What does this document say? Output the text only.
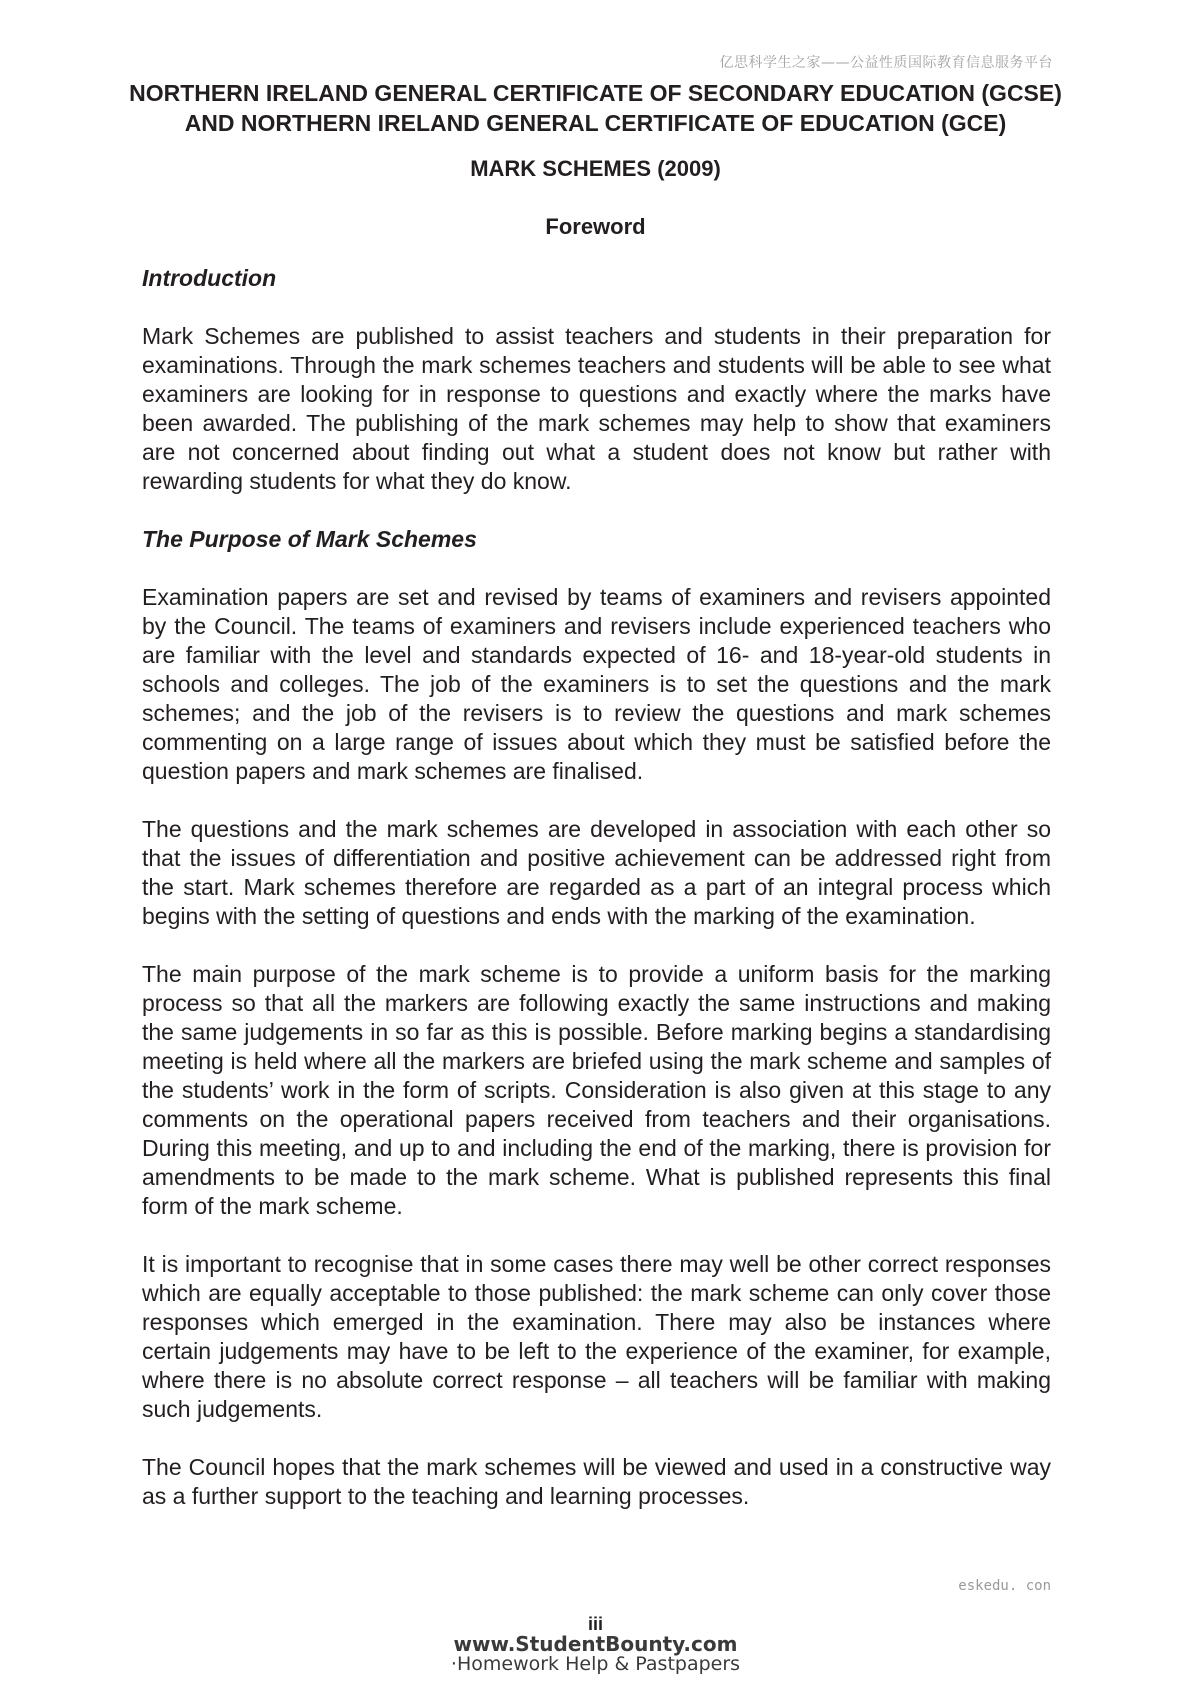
亿思科学生之家——公益性质国际教育信息服务平台
NORTHERN IRELAND GENERAL CERTIFICATE OF SECONDARY EDUCATION (GCSE)
AND NORTHERN IRELAND GENERAL CERTIFICATE OF EDUCATION (GCE)
MARK SCHEMES (2009)
Foreword
Introduction

Mark Schemes are published to assist teachers and students in their preparation for examinations. Through the mark schemes teachers and students will be able to see what examiners are looking for in response to questions and exactly where the marks have been awarded. The publishing of the mark schemes may help to show that examiners are not concerned about finding out what a student does not know but rather with rewarding students for what they do know.

The Purpose of Mark Schemes

Examination papers are set and revised by teams of examiners and revisers appointed by the Council. The teams of examiners and revisers include experienced teachers who are familiar with the level and standards expected of 16- and 18-year-old students in schools and colleges. The job of the examiners is to set the questions and the mark schemes; and the job of the revisers is to review the questions and mark schemes commenting on a large range of issues about which they must be satisfied before the question papers and mark schemes are finalised.

The questions and the mark schemes are developed in association with each other so that the issues of differentiation and positive achievement can be addressed right from the start. Mark schemes therefore are regarded as a part of an integral process which begins with the setting of questions and ends with the marking of the examination.

The main purpose of the mark scheme is to provide a uniform basis for the marking process so that all the markers are following exactly the same instructions and making the same judgements in so far as this is possible. Before marking begins a standardising meeting is held where all the markers are briefed using the mark scheme and samples of the students’ work in the form of scripts. Consideration is also given at this stage to any comments on the operational papers received from teachers and their organisations. During this meeting, and up to and including the end of the marking, there is provision for amendments to be made to the mark scheme. What is published represents this final form of the mark scheme.

It is important to recognise that in some cases there may well be other correct responses which are equally acceptable to those published: the mark scheme can only cover those responses which emerged in the examination. There may also be instances where certain judgements may have to be left to the experience of the examiner, for example, where there is no absolute correct response – all teachers will be familiar with making such judgements.

The Council hopes that the mark schemes will be viewed and used in a constructive way as a further support to the teaching and learning processes.

eskedu. con
iii
www.StudentBounty.com
·Homework Help & Pastpapers
